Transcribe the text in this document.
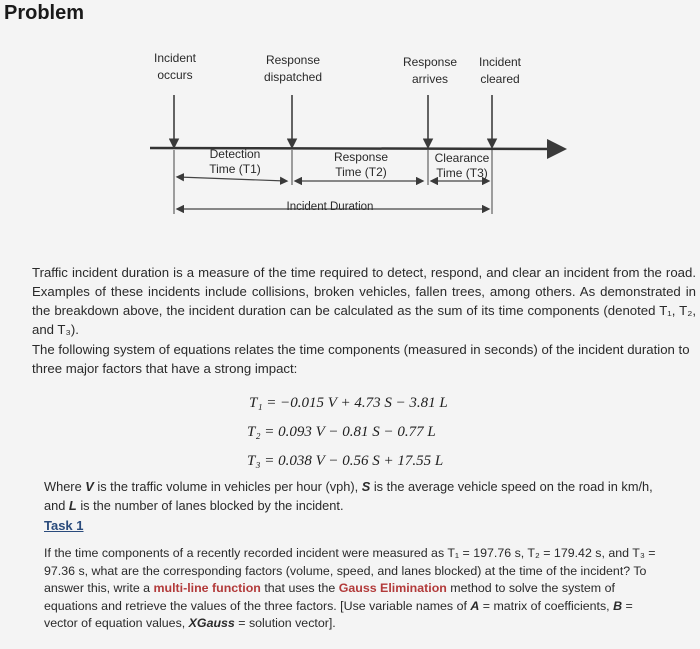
Problem
Incident
occurs
Response
dispatched
Response
arrives
Incident
cleared
Detection
Time (T1)
Response
Time (T2)
Clearance
Time (T3)
Incident Duration
Traffic incident duration is a measure of the time required to detect, respond, and clear an incident from the road. Examples of these incidents include collisions, broken vehicles, fallen trees, among others. As demonstrated in the breakdown above, the incident duration can be calculated as the sum of its time components (denoted T₁, T₂, and T₃).
The following system of equations relates the time components (measured in seconds) of the incident duration to three major factors that have a strong impact:
T₁ = −0.015 V + 4.73 S − 3.81 L
T₂ = 0.093 V − 0.81 S − 0.77 L
T₃ = 0.038 V − 0.56 S + 17.55 L
Where V is the traffic volume in vehicles per hour (vph), S is the average vehicle speed on the road in km/h, and L is the number of lanes blocked by the incident.
Task 1
If the time components of a recently recorded incident were measured as T₁ = 197.76 s, T₂ = 179.42 s, and T₃ = 97.36 s, what are the corresponding factors (volume, speed, and lanes blocked) at the time of the incident? To answer this, write a multi-line function that uses the Gauss Elimination method to solve the system of equations and retrieve the values of the three factors. [Use variable names of A = matrix of coefficients, B = vector of equation values, XGauss = solution vector].
